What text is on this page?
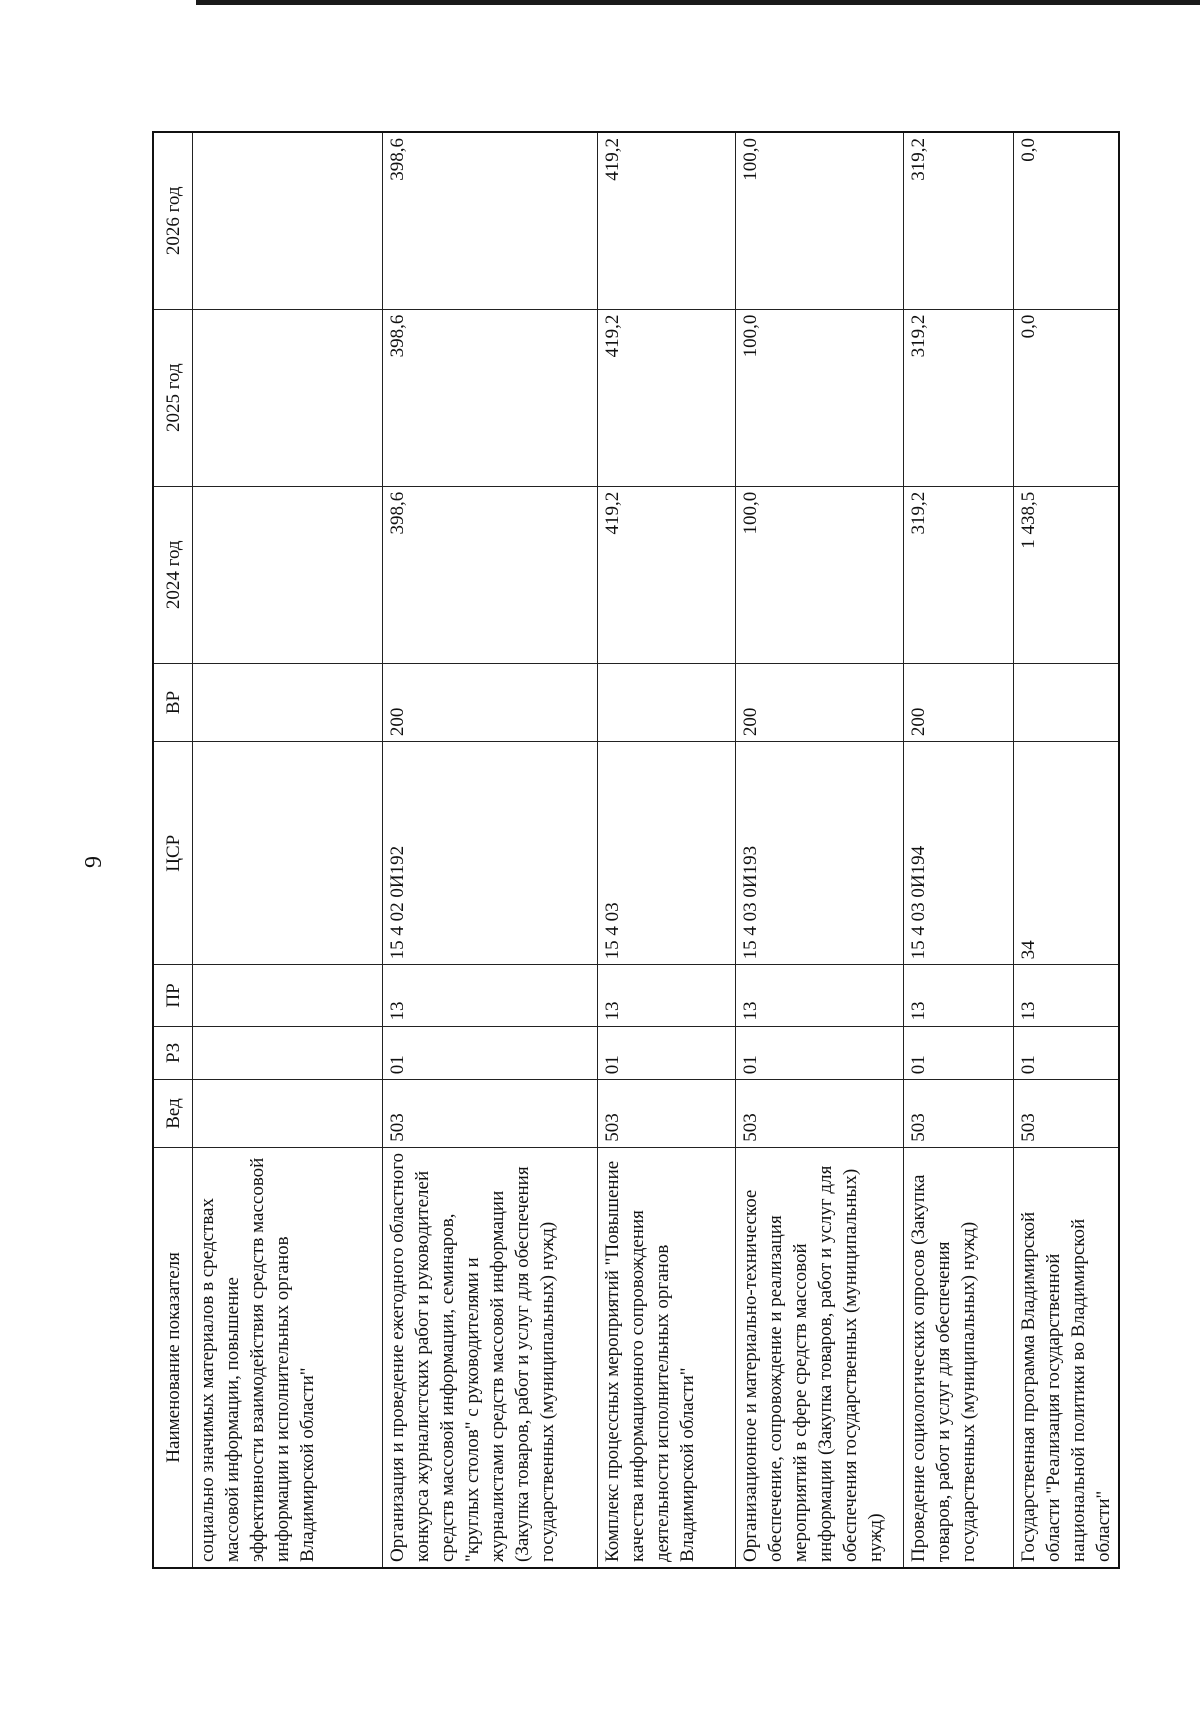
9
Наименование показателя	Вед	РЗ	ПР	ЦСР	ВР	2024 год	2025 год	2026 год
социально значимых материалов в средствах массовой информации, повышение эффективности взаимодействия средств массовой информации и исполнительных органов Владимирской области"								
Организация и проведение ежегодного областного конкурса журналистских работ и руководителей средств массовой информации, семинаров, "круглых столов" с руководителями и журналистами средств массовой информации (Закупка товаров, работ и услуг для обеспечения государственных (муниципальных) нужд)	503	01	13	15 4 02 0И192	200	398,6	398,6	398,6
Комплекс процессных мероприятий "Повышение качества информационного сопровождения деятельности исполнительных органов Владимирской области"	503	01	13	15 4 03		419,2	419,2	419,2
Организационное и материально-техническое обеспечение, сопровождение и реализация мероприятий в сфере средств массовой информации (Закупка товаров, работ и услуг для обеспечения государственных (муниципальных) нужд)	503	01	13	15 4 03 0И193	200	100,0	100,0	100,0
Проведение социологических опросов (Закупка товаров, работ и услуг для обеспечения государственных (муниципальных) нужд)	503	01	13	15 4 03 0И194	200	319,2	319,2	319,2
Государственная программа Владимирской области "Реализация государственной национальной политики во Владимирской области"	503	01	13	34		1 438,5	0,0	0,0
